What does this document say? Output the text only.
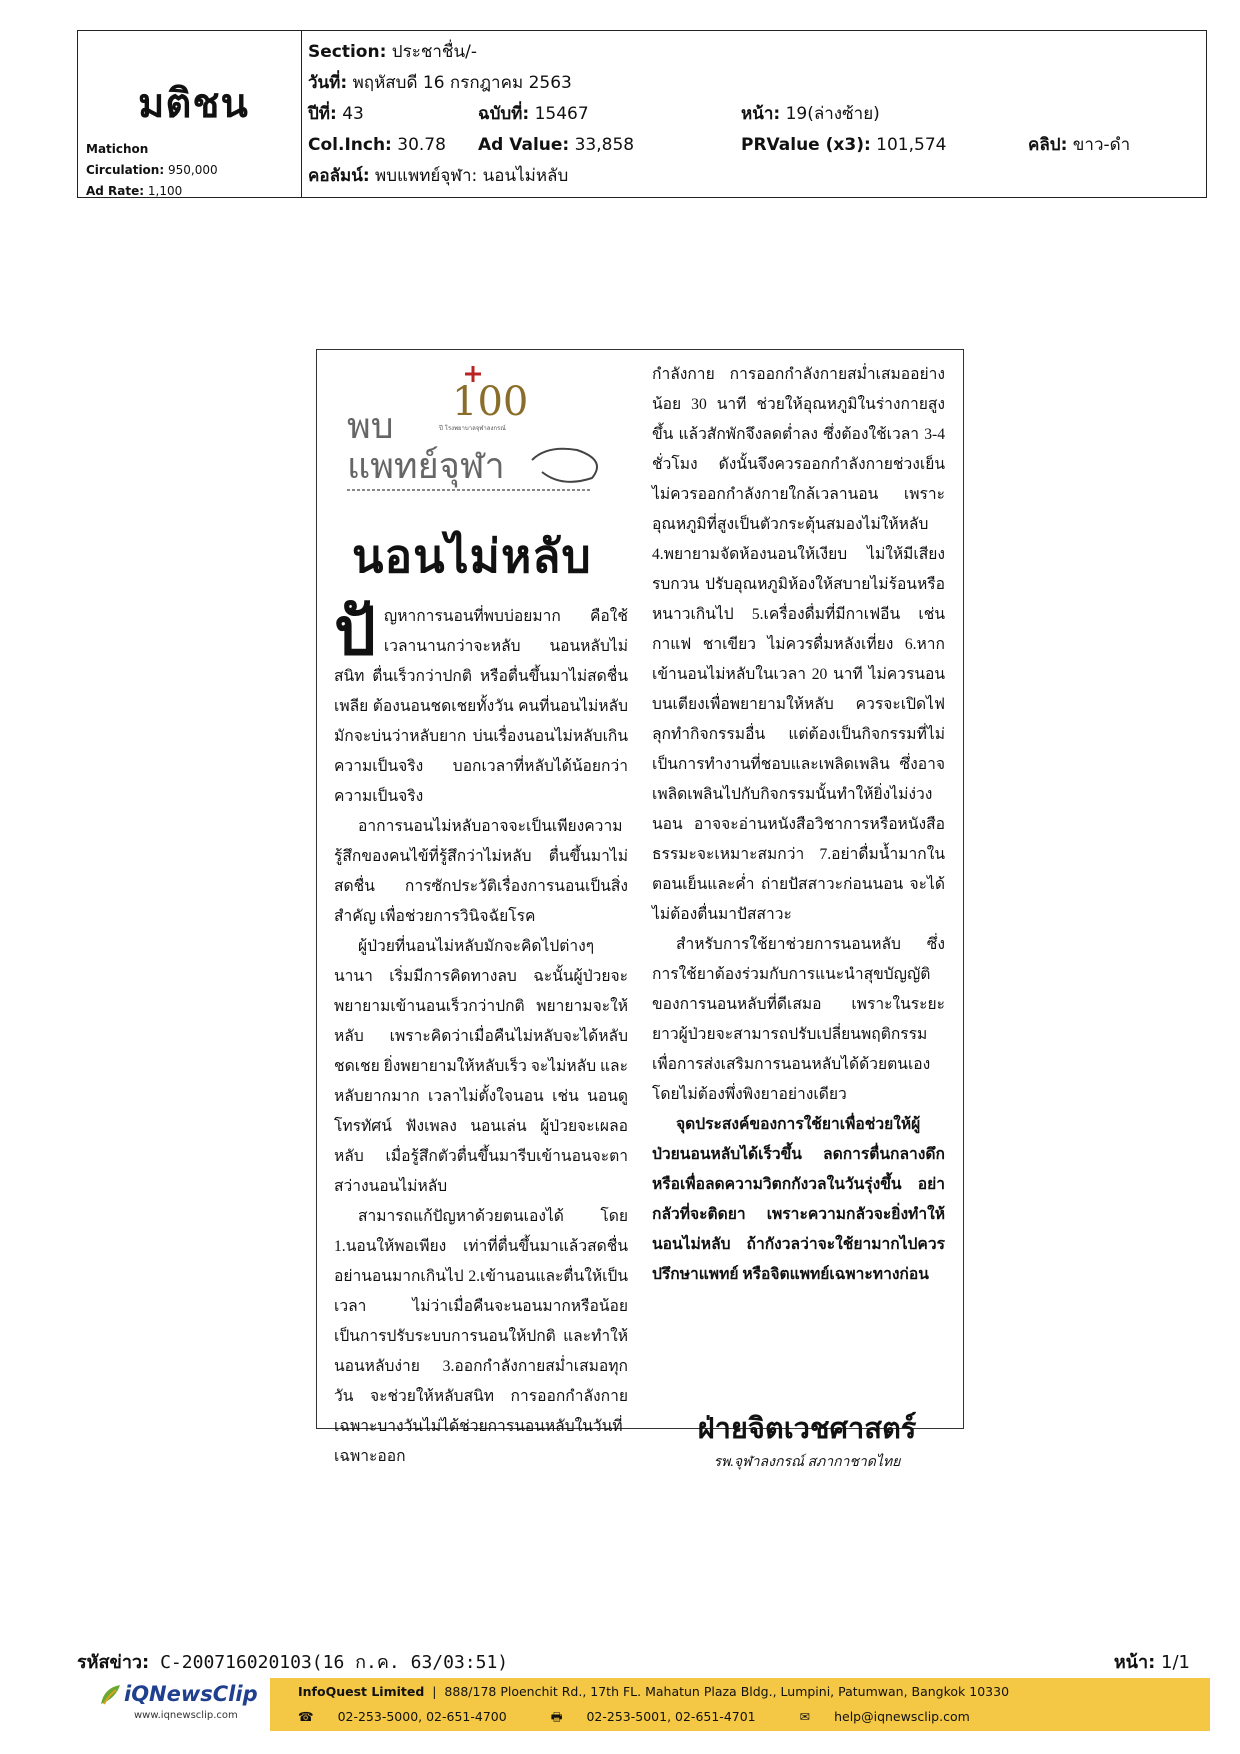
มติชน
Matichon
Circulation: 950,000
Ad Rate: 1,100
Section: ประชาชื่น/-
วันที่: พฤหัสบดี 16 กรกฎาคม 2563
ปีที่: 43	ฉบับที่: 15467	หน้า: 19(ล่างซ้าย)
Col.Inch: 30.78 Ad Value: 33,858	PRValue (x3): 101,574	คลิป: ขาว-ดำ
คอลัมน์: พบแพทย์จุฬา: นอนไม่หลับ
100
ปี โรงพยาบาลจุฬาลงกรณ์
พบ
แพทย์จุฬา
นอนไม่หลับ

ปัญหาการนอนที่พบบ่อยมาก คือใช้เวลานานกว่าจะหลับ นอนหลับไม่สนิท ตื่นเร็วกว่าปกติ หรือตื่นขึ้นมาไม่สดชื่น เพลีย ต้องนอนชดเชยทั้งวัน คนที่นอนไม่หลับมักจะบ่นว่าหลับยาก บ่นเรื่องนอนไม่หลับเกินความเป็นจริง บอกเวลาที่หลับได้น้อยกว่าความเป็นจริง

อาการนอนไม่หลับอาจจะเป็นเพียงความรู้สึกของคนไข้ที่รู้สึกว่าไม่หลับ ตื่นขึ้นมาไม่สดชื่น การซักประวัติเรื่องการนอนเป็นสิ่งสำคัญ เพื่อช่วยการวินิจฉัยโรค

ผู้ป่วยที่นอนไม่หลับมักจะคิดไปต่างๆ นานา เริ่มมีการคิดทางลบ ฉะนั้นผู้ป่วยจะพยายามเข้านอนเร็วกว่าปกติ พยายามจะให้หลับ เพราะคิดว่าเมื่อคืนไม่หลับจะได้หลับชดเชย ยิ่งพยายามให้หลับเร็ว จะไม่หลับ และหลับยากมาก เวลาไม่ตั้งใจนอน เช่น นอนดูโทรทัศน์ ฟังเพลง นอนเล่น ผู้ป่วยจะเผลอหลับ เมื่อรู้สึกตัวตื่นขึ้นมารีบเข้านอนจะตาสว่างนอนไม่หลับ

สามารถแก้ปัญหาด้วยตนเองได้ โดย 1.นอนให้พอเพียง เท่าที่ตื่นขึ้นมาแล้วสดชื่น อย่านอนมากเกินไป 2.เข้านอนและตื่นให้เป็นเวลา ไม่ว่าเมื่อคืนจะนอนมากหรือน้อย เป็นการปรับระบบการนอนให้ปกติ และทำให้นอนหลับง่าย 3.ออกกำลังกายสม่ำเสมอทุกวัน จะช่วยให้หลับสนิท การออกกำลังกายเฉพาะบางวันไม่ได้ช่วยการนอนหลับในวันที่เฉพาะออก

กำลังกาย การออกกำลังกายสม่ำเสมออย่างน้อย 30 นาที ช่วยให้อุณหภูมิในร่างกายสูงขึ้น แล้วสักพักจึงลดต่ำลง ซึ่งต้องใช้เวลา 3-4 ชั่วโมง ดังนั้นจึงควรออกกำลังกายช่วงเย็น ไม่ควรออกกำลังกายใกล้เวลานอน เพราะอุณหภูมิที่สูงเป็นตัวกระตุ้นสมองไม่ให้หลับ 4.พยายามจัดห้องนอนให้เงียบ ไม่ให้มีเสียงรบกวน ปรับอุณหภูมิห้องให้สบายไม่ร้อนหรือหนาวเกินไป 5.เครื่องดื่มที่มีกาเฟอีน เช่น กาแฟ ชาเขียว ไม่ควรดื่มหลังเที่ยง 6.หากเข้านอนไม่หลับในเวลา 20 นาที ไม่ควรนอนบนเตียงเพื่อพยายามให้หลับ ควรจะเปิดไฟลุกทำกิจกรรมอื่น แต่ต้องเป็นกิจกรรมที่ไม่เป็นการทำงานที่ชอบและเพลิดเพลิน ซึ่งอาจเพลิดเพลินไปกับกิจกรรมนั้นทำให้ยิ่งไม่ง่วงนอน อาจจะอ่านหนังสือวิชาการหรือหนังสือธรรมะจะเหมาะสมกว่า 7.อย่าดื่มน้ำมากในตอนเย็นและค่ำ ถ่ายปัสสาวะก่อนนอน จะได้ไม่ต้องตื่นมาปัสสาวะ

สำหรับการใช้ยาช่วยการนอนหลับ ซึ่งการใช้ยาต้องร่วมกับการแนะนำสุขบัญญัติของการนอนหลับที่ดีเสมอ เพราะในระยะยาวผู้ป่วยจะสามารถปรับเปลี่ยนพฤติกรรมเพื่อการส่งเสริมการนอนหลับได้ด้วยตนเอง โดยไม่ต้องพึ่งพิงยาอย่างเดียว

จุดประสงค์ของการใช้ยาเพื่อช่วยให้ผู้ป่วยนอนหลับได้เร็วขึ้น ลดการตื่นกลางดึก หรือเพื่อลดความวิตกกังวลในวันรุ่งขึ้น อย่ากลัวที่จะติดยา เพราะความกลัวจะยิ่งทำให้นอนไม่หลับ ถ้ากังวลว่าจะใช้ยามากไปควรปรึกษาแพทย์ หรือจิตแพทย์เฉพาะทางก่อน

ฝ่ายจิตเวชศาสตร์
รพ.จุฬาลงกรณ์ สภากาชาดไทย
รหัสข่าว: C-200716020103(16 ก.ค. 63/03:51)	หน้า: 1/1
iQNewsClip
www.iqnewsclip.com
InfoQuest Limited  |  888/178 Ploenchit Rd., 17th FL. Mahatun Plaza Bldg., Lumpini, Patumwan, Bangkok 10330
☎ 02-253-5000, 02-651-4700	🖶 02-253-5001, 02-651-4701	✉ help@iqnewsclip.com
